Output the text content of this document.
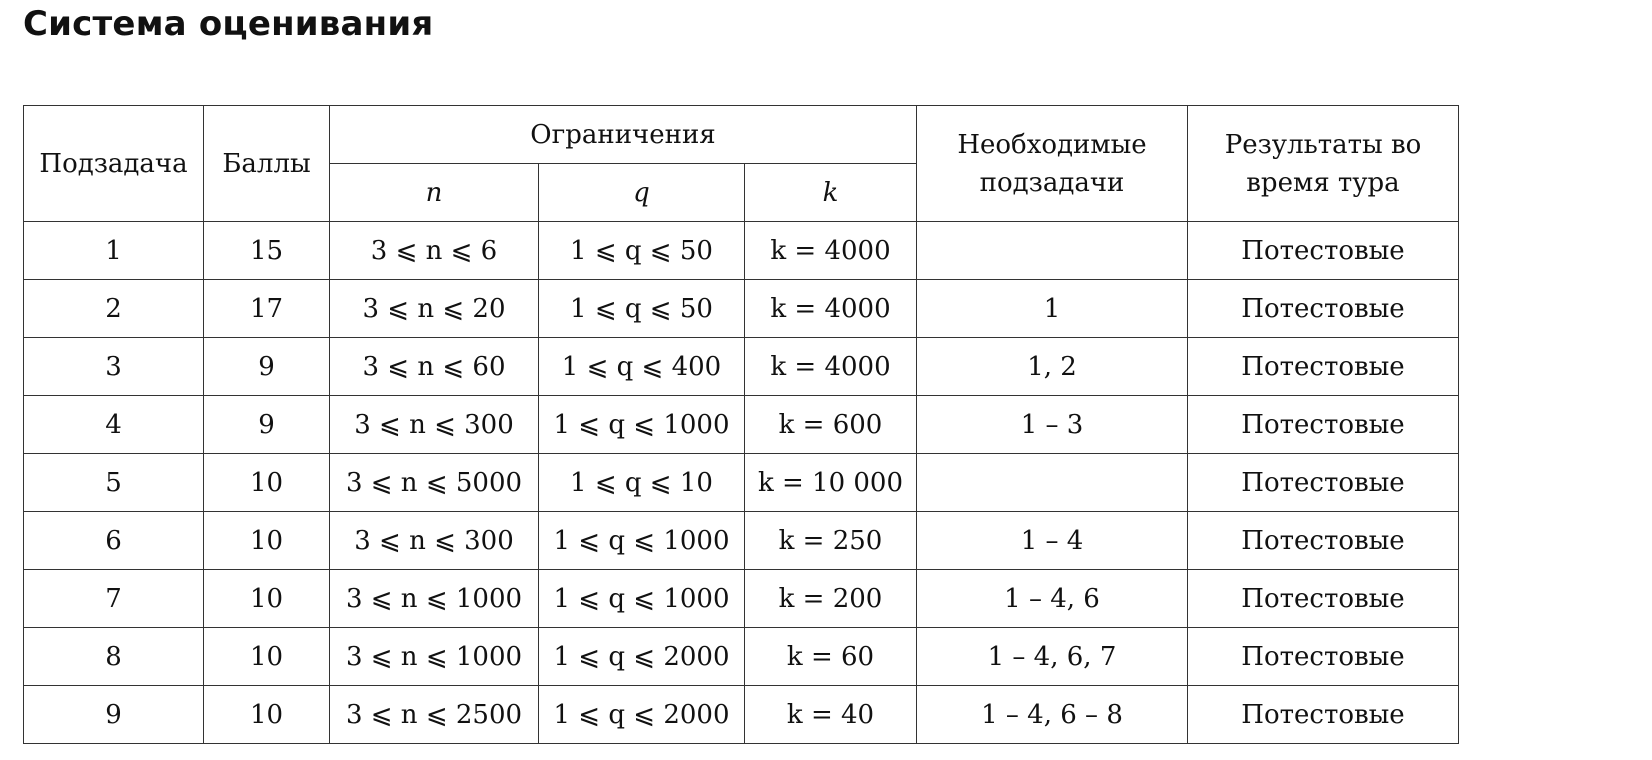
Система оценивания
Подзадача	Баллы	Ограничения			Необходимые подзадачи	Результаты во время тура
		n	q	k		
1	15	3 ⩽ n ⩽ 6	1 ⩽ q ⩽ 50	k = 4000		Потестовые
2	17	3 ⩽ n ⩽ 20	1 ⩽ q ⩽ 50	k = 4000	1	Потестовые
3	9	3 ⩽ n ⩽ 60	1 ⩽ q ⩽ 400	k = 4000	1, 2	Потестовые
4	9	3 ⩽ n ⩽ 300	1 ⩽ q ⩽ 1000	k = 600	1 – 3	Потестовые
5	10	3 ⩽ n ⩽ 5000	1 ⩽ q ⩽ 10	k = 10 000		Потестовые
6	10	3 ⩽ n ⩽ 300	1 ⩽ q ⩽ 1000	k = 250	1 – 4	Потестовые
7	10	3 ⩽ n ⩽ 1000	1 ⩽ q ⩽ 1000	k = 200	1 – 4, 6	Потестовые
8	10	3 ⩽ n ⩽ 1000	1 ⩽ q ⩽ 2000	k = 60	1 – 4, 6, 7	Потестовые
9	10	3 ⩽ n ⩽ 2500	1 ⩽ q ⩽ 2000	k = 40	1 – 4, 6 – 8	Потестовые
